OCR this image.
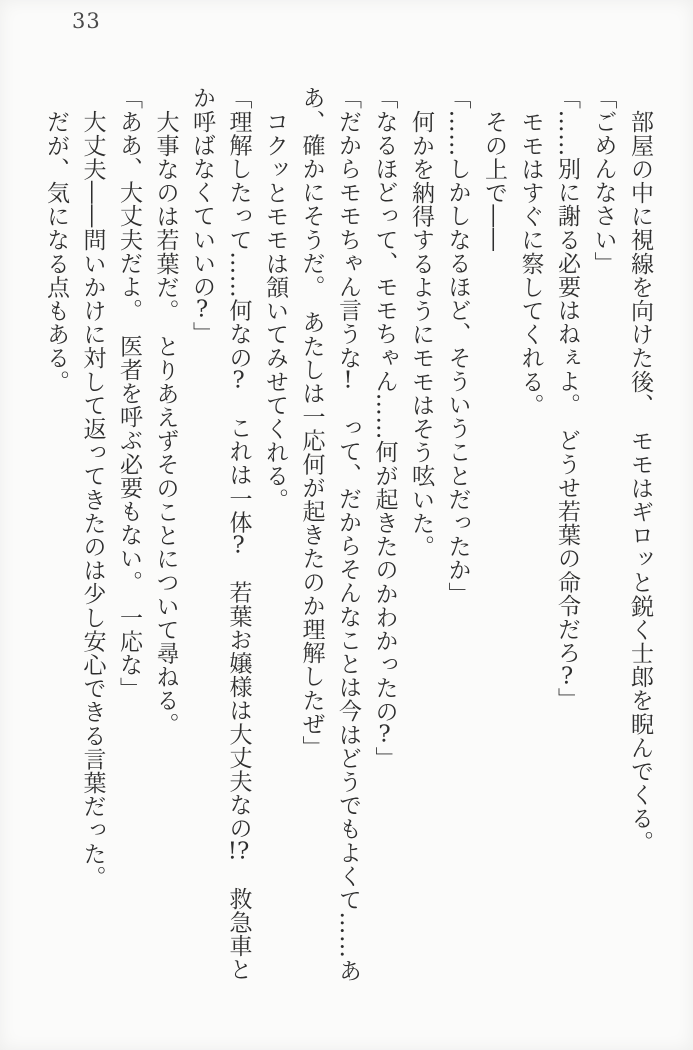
33
部屋の中に視線を向けた後、　モモはギロッと鋭く士郎を睨んでくる。
「ごめんなさい」
「……別に謝る必要はねぇよ。　どうせ若葉の命令だろ?」
モモはすぐに察してくれる。
その上で――
「……しかしなるほど、そういうことだったか」
何かを納得するようにモモはそう呟いた。
「なるほどって、モモちゃん……何が起きたのかわかったの?」
「だからモモちゃん言うな!　って、だからそんなことは今はどうでもよくて……あ
あ、確かにそうだ。　あたしは一応何が起きたのか理解したぜ」
コクッとモモは頷いてみせてくれる。
「理解したって……何なの?　これは一体?　若葉お嬢様は大丈夫なの!?　救急車と
か呼ばなくていいの?」
大事なのは若葉だ。　とりあえずそのことについて尋ねる。
「ああ、大丈夫だよ。　医者を呼ぶ必要もない。　一応な」
大丈夫――問いかけに対して返ってきたのは少し安心できる言葉だった。
だが、気になる点もある。
